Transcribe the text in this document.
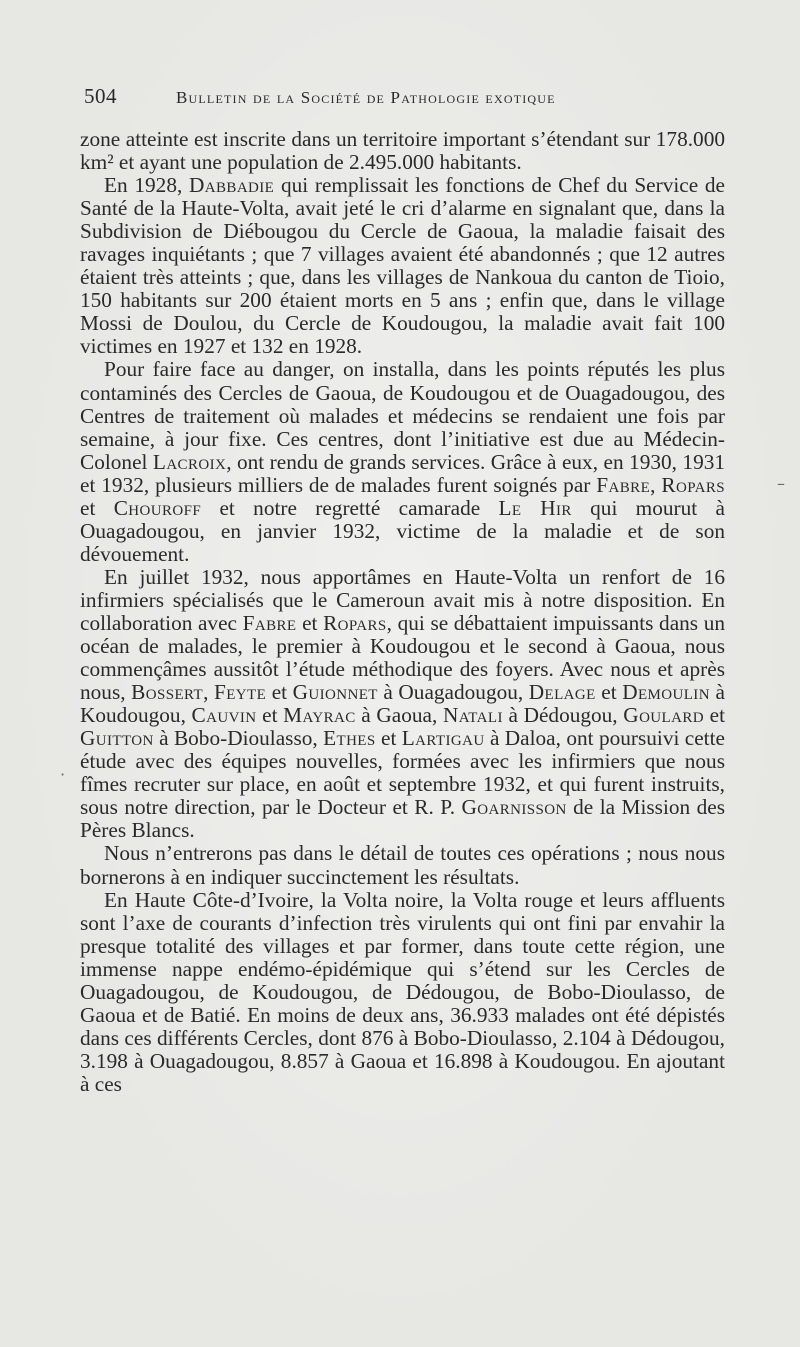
504	Bulletin de la Société de Pathologie exotique

zone atteinte est inscrite dans un territoire important s’étendant sur 178.000 km² et ayant une population de 2.495.000 habitants.

En 1928, Dabbadie qui remplissait les fonctions de Chef du Service de Santé de la Haute-Volta, avait jeté le cri d’alarme en signalant que, dans la Subdivision de Diébougou du Cercle de Gaoua, la maladie faisait des ravages inquiétants ; que 7 villages avaient été abandonnés ; que 12 autres étaient très atteints ; que, dans les villages de Nankoua du canton de Tioio, 150 habitants sur 200 étaient morts en 5 ans ; enfin que, dans le village Mossi de Doulou, du Cercle de Koudougou, la maladie avait fait 100 victimes en 1927 et 132 en 1928.

Pour faire face au danger, on installa, dans les points réputés les plus contaminés des Cercles de Gaoua, de Koudougou et de Ouagadougou, des Centres de traitement où malades et médecins se rendaient une fois par semaine, à jour fixe. Ces centres, dont l’initiative est due au Médecin-Colonel Lacroix, ont rendu de grands services. Grâce à eux, en 1930, 1931 et 1932, plusieurs milliers de de malades furent soignés par Fabre, Ropars et Chouroff et notre regretté camarade Le Hir qui mourut à Ouagadougou, en janvier 1932, victime de la maladie et de son dévouement.

En juillet 1932, nous apportâmes en Haute-Volta un renfort de 16 infirmiers spécialisés que le Cameroun avait mis à notre disposition. En collaboration avec Fabre et Ropars, qui se débattaient impuissants dans un océan de malades, le premier à Koudougou et le second à Gaoua, nous commençâmes aussitôt l’étude méthodique des foyers. Avec nous et après nous, Bossert, Feyte et Guionnet à Ouagadougou, Delage et Demoulin à Koudougou, Cauvin et Mayrac à Gaoua, Natali à Dédougou, Goulard et Guitton à Bobo-Dioulasso, Ethes et Lartigau à Daloa, ont poursuivi cette étude avec des équipes nouvelles, formées avec les infirmiers que nous fîmes recruter sur place, en août et septembre 1932, et qui furent instruits, sous notre direction, par le Docteur et R. P. Goarnisson de la Mission des Pères Blancs.

Nous n’entrerons pas dans le détail de toutes ces opérations ; nous nous bornerons à en indiquer succinctement les résultats.

En Haute Côte-d’Ivoire, la Volta noire, la Volta rouge et leurs affluents sont l’axe de courants d’infection très virulents qui ont fini par envahir la presque totalité des villages et par former, dans toute cette région, une immense nappe endémo-épidémique qui s’étend sur les Cercles de Ouagadougou, de Koudougou, de Dédougou, de Bobo-Dioulasso, de Gaoua et de Batié. En moins de deux ans, 36.933 malades ont été dépistés dans ces différents Cercles, dont 876 à Bobo-Dioulasso, 2.104 à Dédougou, 3.198 à Ouagadougou, 8.857 à Gaoua et 16.898 à Koudougou. En ajoutant à ces

–
·
